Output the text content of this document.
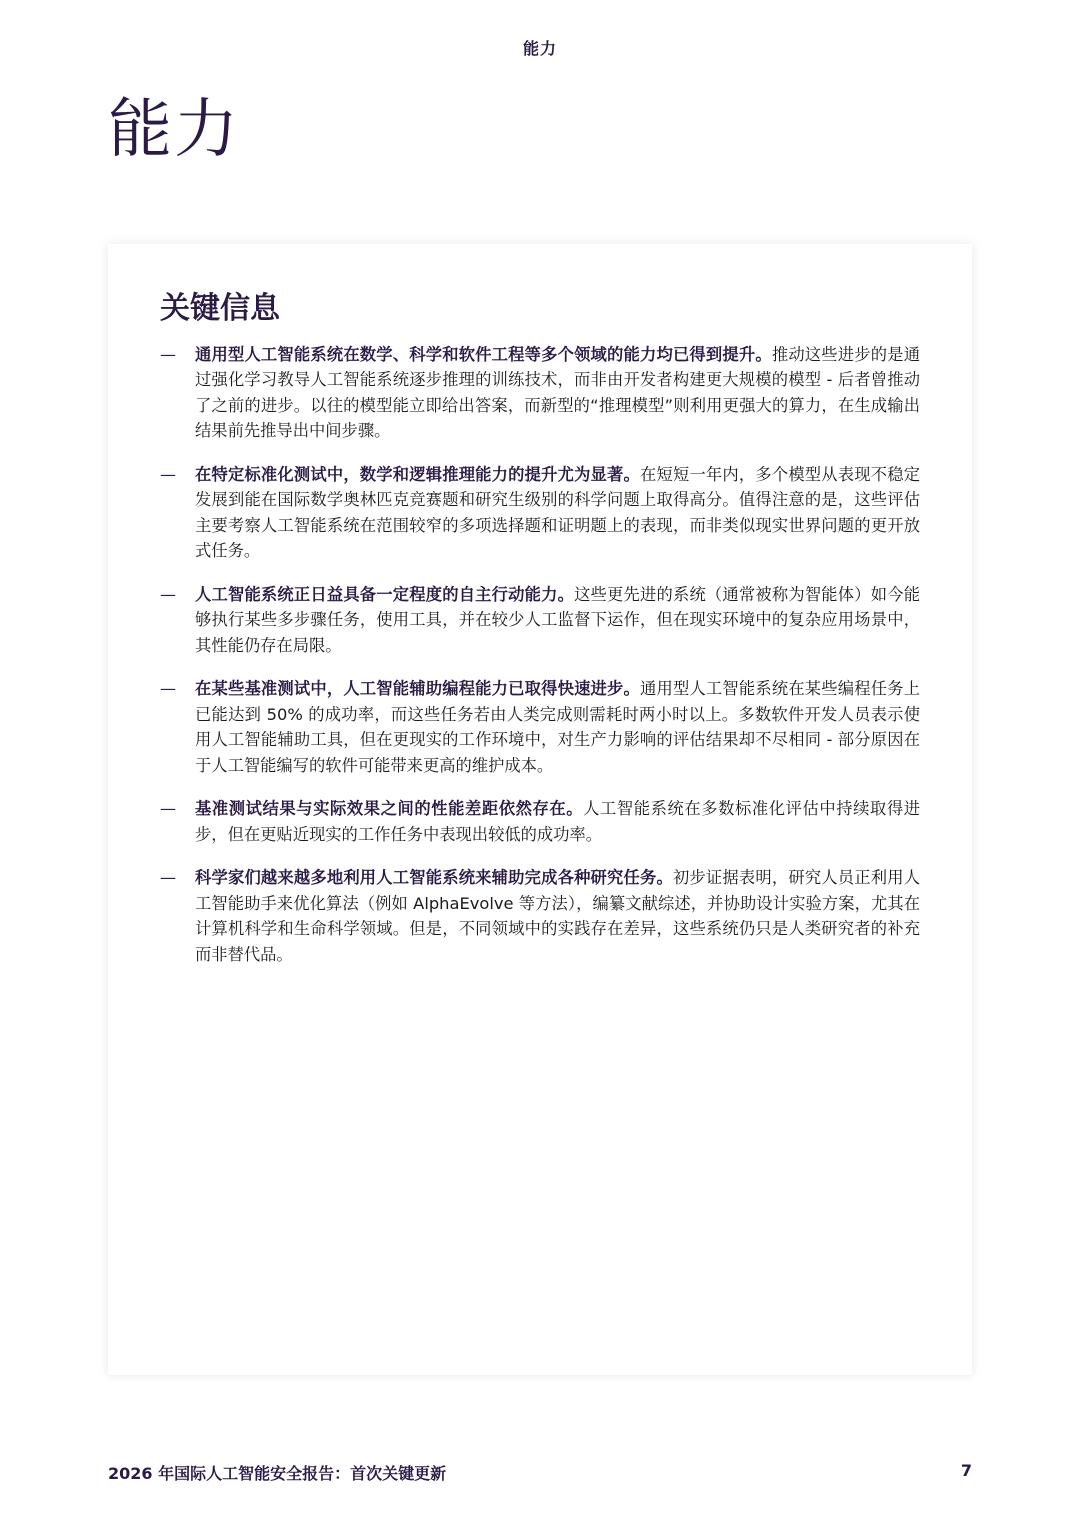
能力
能力
关键信息
—	通用型人工智能系统在数学、科学和软件工程等多个领域的能力均已得到提升。推动这些进步的是通过强化学习教导人工智能系统逐步推理的训练技术，而非由开发者构建更大规模的模型 - 后者曾推动了之前的进步。以往的模型能立即给出答案，而新型的“推理模型”则利用更强大的算力，在生成输出结果前先推导出中间步骤。

—	在特定标准化测试中，数学和逻辑推理能力的提升尤为显著。在短短一年内，多个模型从表现不稳定发展到能在国际数学奥林匹克竞赛题和研究生级别的科学问题上取得高分。值得注意的是，这些评估主要考察人工智能系统在范围较窄的多项选择题和证明题上的表现，而非类似现实世界问题的更开放式任务。

—	人工智能系统正日益具备一定程度的自主行动能力。这些更先进的系统（通常被称为智能体）如今能够执行某些多步骤任务，使用工具，并在较少人工监督下运作，但在现实环境中的复杂应用场景中，其性能仍存在局限。

—	在某些基准测试中，人工智能辅助编程能力已取得快速进步。通用型人工智能系统在某些编程任务上已能达到 50% 的成功率，而这些任务若由人类完成则需耗时两小时以上。多数软件开发人员表示使用人工智能辅助工具，但在更现实的工作环境中，对生产力影响的评估结果却不尽相同 - 部分原因在于人工智能编写的软件可能带来更高的维护成本。

—	基准测试结果与实际效果之间的性能差距依然存在。人工智能系统在多数标准化评估中持续取得进步，但在更贴近现实的工作任务中表现出较低的成功率。

—	科学家们越来越多地利用人工智能系统来辅助完成各种研究任务。初步证据表明，研究人员正利用人工智能助手来优化算法（例如 AlphaEvolve 等方法），编纂文献综述，并协助设计实验方案，尤其在计算机科学和生命科学领域。但是，不同领域中的实践存在差异，这些系统仍只是人类研究者的补充而非替代品。

2026 年国际人工智能安全报告：首次关键更新	7
